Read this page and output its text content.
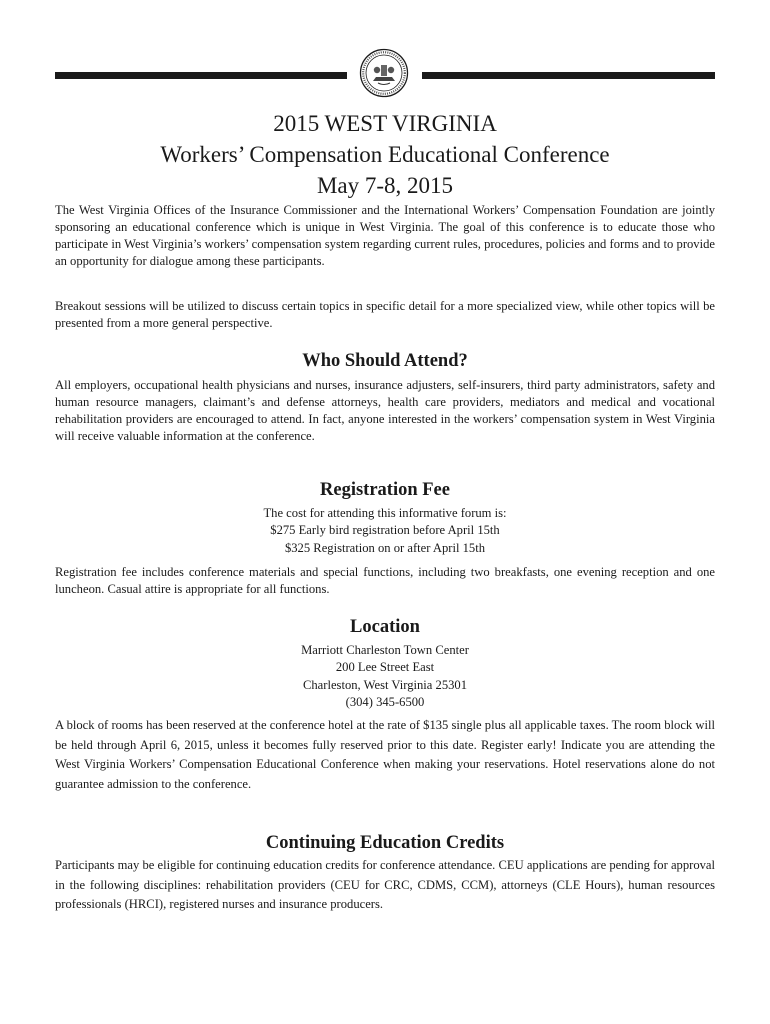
2015 WEST VIRGINIA
Workers’ Compensation Educational Conference
May 7-8, 2015

The West Virginia Offices of the Insurance Commissioner and the International Workers’ Compensation Foundation are jointly sponsoring an educational conference which is unique in West Virginia. The goal of this conference is to educate those who participate in West Virginia’s workers’ compensation system regarding current rules, procedures, policies and forms and to provide an opportunity for dialogue among these participants.

Breakout sessions will be utilized to discuss certain topics in specific detail for a more specialized view, while other topics will be presented from a more general perspective.

Who Should Attend?

All employers, occupational health physicians and nurses, insurance adjusters, self-insurers, third party administrators, safety and human resource managers, claimant’s and defense attorneys, health care providers, mediators and medical and vocational rehabilitation providers are encouraged to attend. In fact, anyone interested in the workers’ compensation system in West Virginia will receive valuable information at the conference.

Registration Fee
The cost for attending this informative forum is:
$275 Early bird registration before April 15th
$325 Registration on or after April 15th

Registration fee includes conference materials and special functions, including two breakfasts, one evening reception and one luncheon. Casual attire is appropriate for all functions.

Location
Marriott Charleston Town Center
200 Lee Street East
Charleston, West Virginia 25301
(304) 345-6500

A block of rooms has been reserved at the conference hotel at the rate of $135 single plus all applicable taxes. The room block will be held through April 6, 2015, unless it becomes fully reserved prior to this date. Register early! Indicate you are attending the West Virginia Workers’ Compensation Educational Conference when making your reservations. Hotel reservations alone do not guarantee admission to the conference.

Continuing Education Credits

Participants may be eligible for continuing education credits for conference attendance. CEU applications are pending for approval in the following disciplines: rehabilitation providers (CEU for CRC, CDMS, CCM), attorneys (CLE Hours), human resources professionals (HRCI), registered nurses and insurance producers.
